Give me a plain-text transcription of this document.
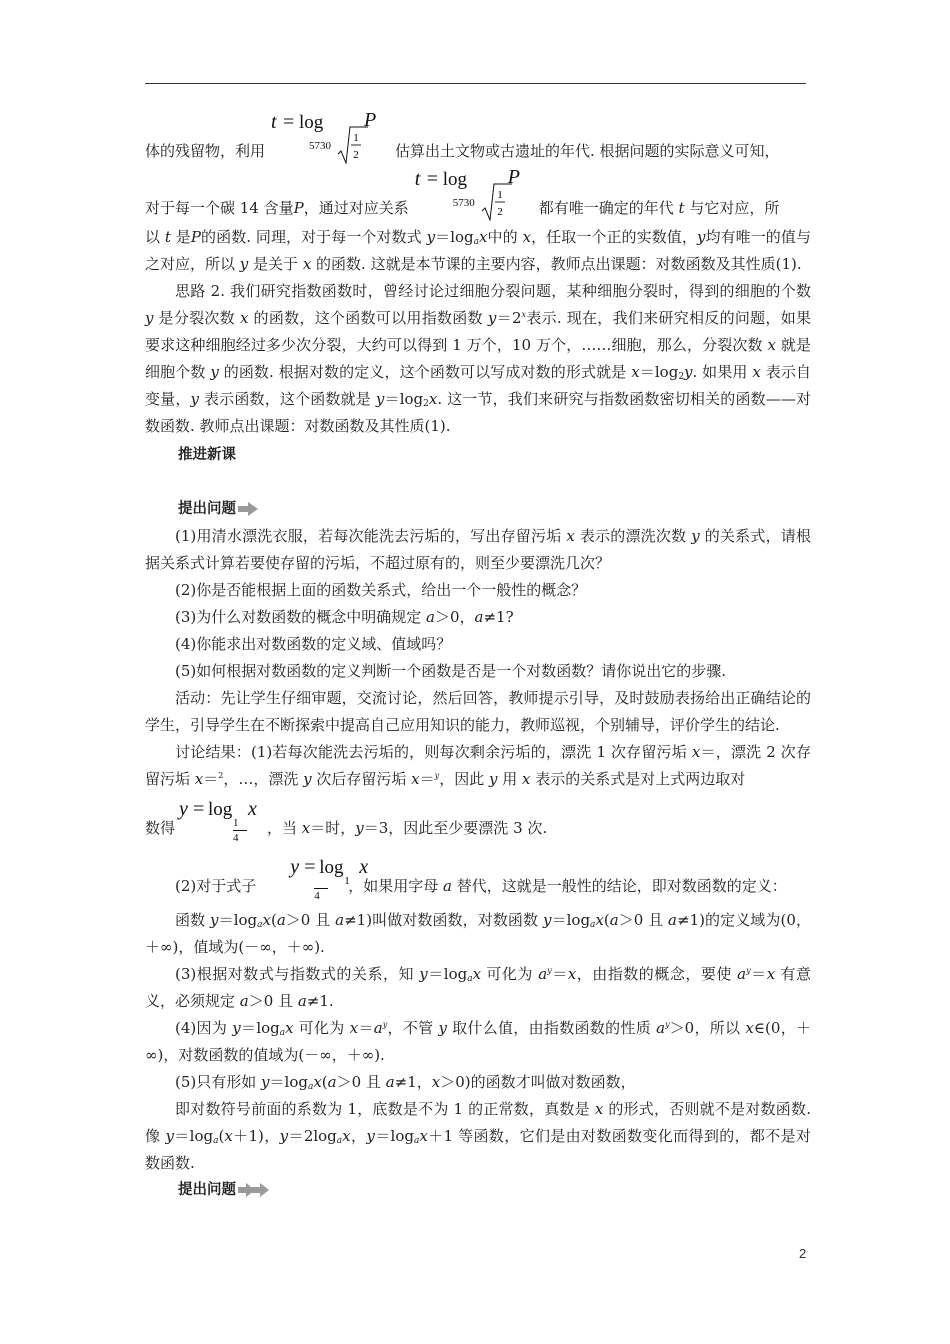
体的残留物，利用
t = log
5730
1
2
P
估算出土文物或古遗址的年代. 根据问题的实际意义可知，

对于每一个碳 14 含量P，通过对应关系
t = log
5730
1
2
P
都有唯一确定的年代 t 与它对应，所

以 t 是P的函数. 同理，对于每一个对数式 $y=\log_ax$中的 x，任取一个正的实数值，y均有唯一的值与之对应，所以 y 是关于 x 的函数. 这就是本节课的主要内容，教师点出课题：对数函数及其性质(1).

思路 2. 我们研究指数函数时，曾经讨论过细胞分裂问题，某种细胞分裂时，得到的细胞的个数 y 是分裂次数 x 的函数，这个函数可以用指数函数 $y=2^x$表示. 现在，我们来研究相反的问题，如果要求这种细胞经过多少次分裂，大约可以得到 1 万个，10 万个，……细胞，那么，分裂次数 x 就是细胞个数 y 的函数. 根据对数的定义，这个函数可以写成对数的形式就是 $x=\log_2y$. 如果用 x 表示自变量，y 表示函数，这个函数就是 $y=\log_2x$. 这一节，我们来研究与指数函数密切相关的函数——对数函数. 教师点出课题：对数函数及其性质(1).

推进新课

提出问题

(1)用清水漂洗衣服，若每次能洗去污垢的，写出存留污垢 x 表示的漂洗次数 y 的关系式，请根据关系式计算若要使存留的污垢，不超过原有的，则至少要漂洗几次？

(2)你是否能根据上面的函数关系式，给出一个一般性的概念？

(3)为什么对数函数的概念中明确规定 a＞0，a≠1?

(4)你能求出对数函数的定义域、值域吗？

(5)如何根据对数函数的定义判断一个函数是否是一个对数函数？请你说出它的步骤.

活动：先让学生仔细审题，交流讨论，然后回答，教师提示引导，及时鼓励表扬给出正确结论的学生，引导学生在不断探索中提高自己应用知识的能力，教师巡视，个别辅导，评价学生的结论.

讨论结果：(1)若每次能洗去污垢的，则每次剩余污垢的，漂洗 1 次存留污垢 x＝，漂洗 2 次存留污垢 x＝$^2$，…，漂洗 y 次后存留污垢 x＝$^y$，因此 y 用 x 表示的关系式是对上式两边取对

数得
y = log
1
4
x
，当 x＝时，y＝3，因此至少要漂洗 3 次.

(2)对于式子
y = log
1
4
x
，如果用字母 a 替代，这就是一般性的结论，即对数函数的定义：

函数 $y=\log_ax(a>0$ 且 a≠1)叫做对数函数，对数函数 $y=\log_ax(a>0$ 且 a≠1)的定义域为(0，＋∞)，值域为(－∞，＋∞).

(3)根据对数式与指数式的关系，知 $y=\log_ax$ 可化为 $a^y=x$，由指数的概念，要使 $a^y=x$ 有意义，必须规定 a＞0 且 a≠1.

(4)因为 $y=\log_ax$ 可化为 $x=a^y$，不管 y 取什么值，由指数函数的性质 $a^y>0$，所以 x∈(0，＋∞)，对数函数的值域为(－∞，＋∞).

(5)只有形如 $y=\log_ax(a>0$ 且 a≠1，x＞0)的函数才叫做对数函数，

即对数符号前面的系数为 1，底数是不为 1 的正常数，真数是 x 的形式，否则就不是对数函数. 像 $y=\log_a(x+1)$，$y=2\log_ax$，$y=\log_ax+1$ 等函数，它们是由对数函数变化而得到的，都不是对数函数.

提出问题

2
